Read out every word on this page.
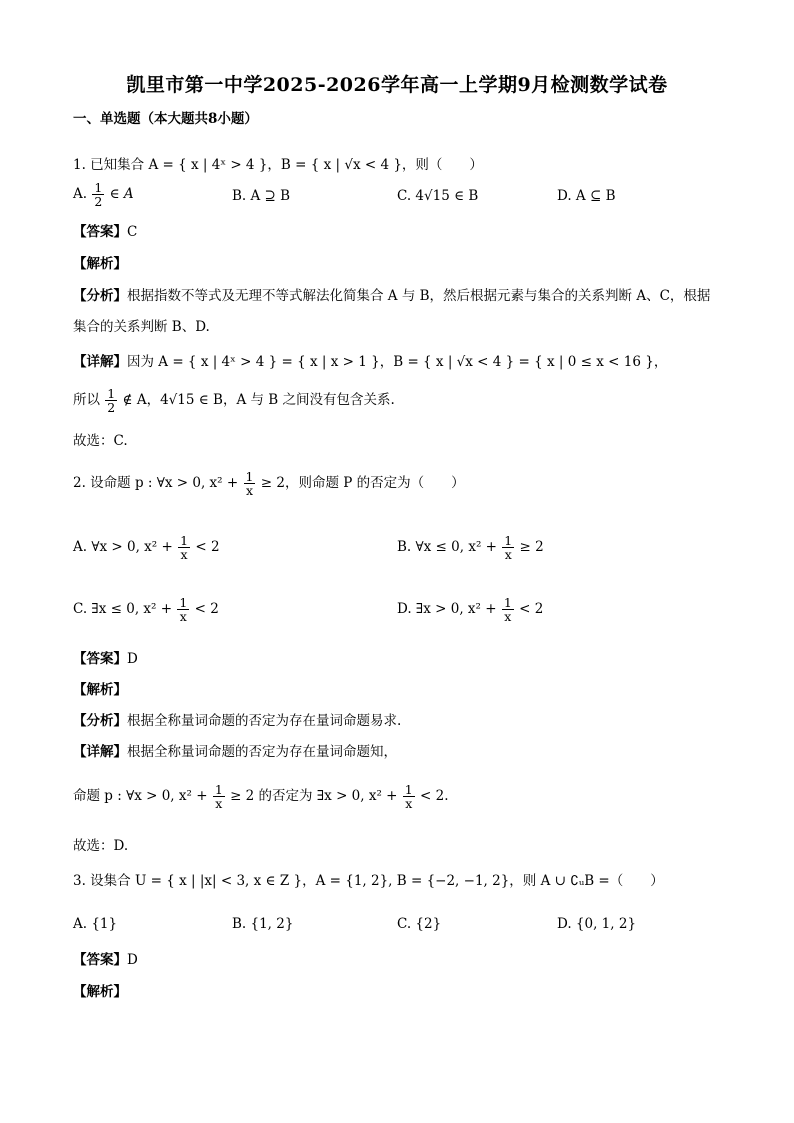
凯里市第一中学2025-2026学年高一上学期9月检测数学试卷
一、单选题（本大题共8小题）
1. 已知集合 A = { x | 4ˣ > 4 }，B = { x | √x < 4 }，则（　　）
A. $\frac{1}{2}$ ∈ A	B. A ⊇ B	C. 4√15 ∈ B	D. A ⊆ B
【答案】C
【解析】
【分析】根据指数不等式及无理不等式解法化简集合 A 与 B，然后根据元素与集合的关系判断 A、C，根据
集合的关系判断 B、D.
【详解】因为 A = { x | 4ˣ > 4 } = { x | x > 1 }，B = { x | √x < 4 } = { x | 0 ≤ x < 16 }，
所以 $\frac{1}{2}$ ∉ A，4√15 ∈ B，A 与 B 之间没有包含关系.
故选：C.
2. 设命题 p : ∀x > 0, $x^2 + \frac{1}{x} \ge 2$，则命题 P 的否定为（　　）
A. ∀x > 0, $x^2 + \frac{1}{x} < 2$	B. ∀x ≤ 0, $x^2 + \frac{1}{x} \ge 2$
C. ∃x ≤ 0, $x^2 + \frac{1}{x} < 2$	D. ∃x > 0, $x^2 + \frac{1}{x} < 2$
【答案】D
【解析】
【分析】根据全称量词命题的否定为存在量词命题易求.
【详解】根据全称量词命题的否定为存在量词命题知，
命题 p : ∀x > 0, $x^2 + \frac{1}{x} \ge 2$ 的否定为 ∃x > 0, $x^2 + \frac{1}{x} < 2$.
故选：D.
3. 设集合 U = { x | |x| < 3, x ∈ Z }，A = {1, 2}, B = {−2, −1, 2}，则 A ∪ ∁ᵤB =（　　）
A. {1}	B. {1, 2}	C. {2}	D. {0, 1, 2}
【答案】D
【解析】
